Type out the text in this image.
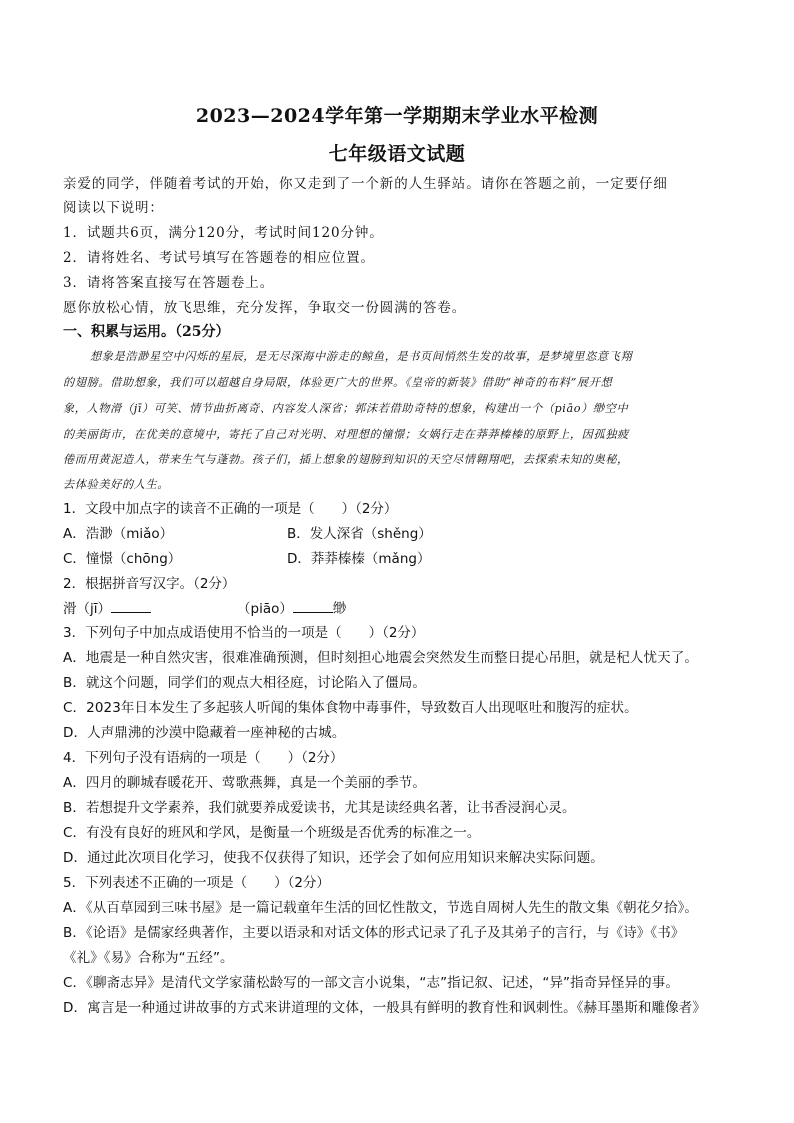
2023—2024学年第一学期期末学业水平检测
七年级语文试题
亲爱的同学，伴随着考试的开始，你又走到了一个新的人生驿站。请你在答题之前，一定要仔细
阅读以下说明：
1．试题共6页，满分120分，考试时间120分钟。
2．请将姓名、考试号填写在答题卷的相应位置。
3．请将答案直接写在答题卷上。
愿你放松心情，放飞思维，充分发挥，争取交一份圆满的答卷。
一、积累与运用。（25分）
想象是浩渺星空中闪烁的星辰，是无尽深海中游走的鲸鱼，是书页间悄然生发的故事，是梦境里恣意飞翔
的翅膀。借助想象，我们可以超越自身局限，体验更广大的世界。《皇帝的新装》借助“神奇的布料”展开想
象，人物滑（jī）可笑、情节曲折离奇、内容发人深省；郭沫若借助奇特的想象，构建出一个（piāo）缈空中
的美丽街市，在优美的意境中，寄托了自己对光明、对理想的憧憬；女娲行走在莽莽榛榛的原野上，因孤独疲
倦而用黄泥造人，带来生气与蓬勃。孩子们，插上想象的翅膀到知识的天空尽情翱翔吧，去探索未知的奥秘，
去体验美好的人生。
1．文段中加点字的读音不正确的一项是（　　）（2分）
A．浩渺（miǎo）	B．发人深省（shěng）
C．憧憬（chōng）	D．莽莽榛榛（mǎng）
2．根据拼音写汉字。（2分）
滑（jī）	（piāo）	缈
3．下列句子中加点成语使用不恰当的一项是（　　）（2分）
A．地震是一种自然灾害，很难准确预测，但时刻担心地震会突然发生而整日提心吊胆，就是杞人忧天了。
B．就这个问题，同学们的观点大相径庭，讨论陷入了僵局。
C．2023年日本发生了多起骇人听闻的集体食物中毒事件，导致数百人出现呕吐和腹泻的症状。
D．人声鼎沸的沙漠中隐藏着一座神秘的古城。
4．下列句子没有语病的一项是（　　）（2分）
A．四月的聊城春暖花开、莺歌燕舞，真是一个美丽的季节。
B．若想提升文学素养，我们就要养成爱读书，尤其是读经典名著，让书香浸润心灵。
C．有没有良好的班风和学风，是衡量一个班级是否优秀的标准之一。
D．通过此次项目化学习，使我不仅获得了知识，还学会了如何应用知识来解决实际问题。
5．下列表述不正确的一项是（　　）（2分）
A．《从百草园到三味书屋》是一篇记载童年生活的回忆性散文，节选自周树人先生的散文集《朝花夕拾》。
B．《论语》是儒家经典著作，主要以语录和对话文体的形式记录了孔子及其弟子的言行，与《诗》《书》
《礼》《易》合称为“五经”。
C．《聊斋志异》是清代文学家蒲松龄写的一部文言小说集，“志”指记叙、记述，“异”指奇异怪异的事。
D．寓言是一种通过讲故事的方式来讲道理的文体，一般具有鲜明的教育性和讽刺性。《赫耳墨斯和雕像者》
